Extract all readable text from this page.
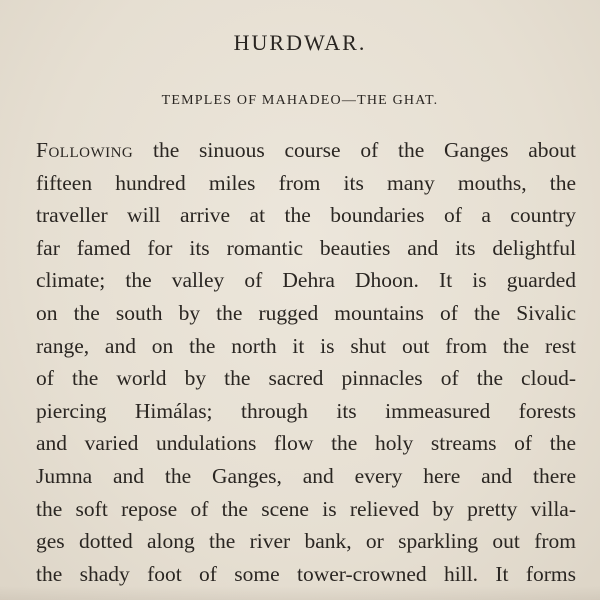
HURDWAR.
TEMPLES OF MAHADEO—THE GHAT.
Following the sinuous course of the Ganges about
fifteen hundred miles from its many mouths, the
traveller will arrive at the boundaries of a country
far famed for its romantic beauties and its delightful
climate; the valley of Dehra Dhoon. It is guarded
on the south by the rugged mountains of the Sivalic
range, and on the north it is shut out from the rest
of the world by the sacred pinnacles of the cloud-
piercing Himálas; through its immeasured forests
and varied undulations flow the holy streams of the
Jumna and the Ganges, and every here and there
the soft repose of the scene is relieved by pretty villa-
ges dotted along the river bank, or sparkling out from
the shady foot of some tower-crowned hill. It forms
